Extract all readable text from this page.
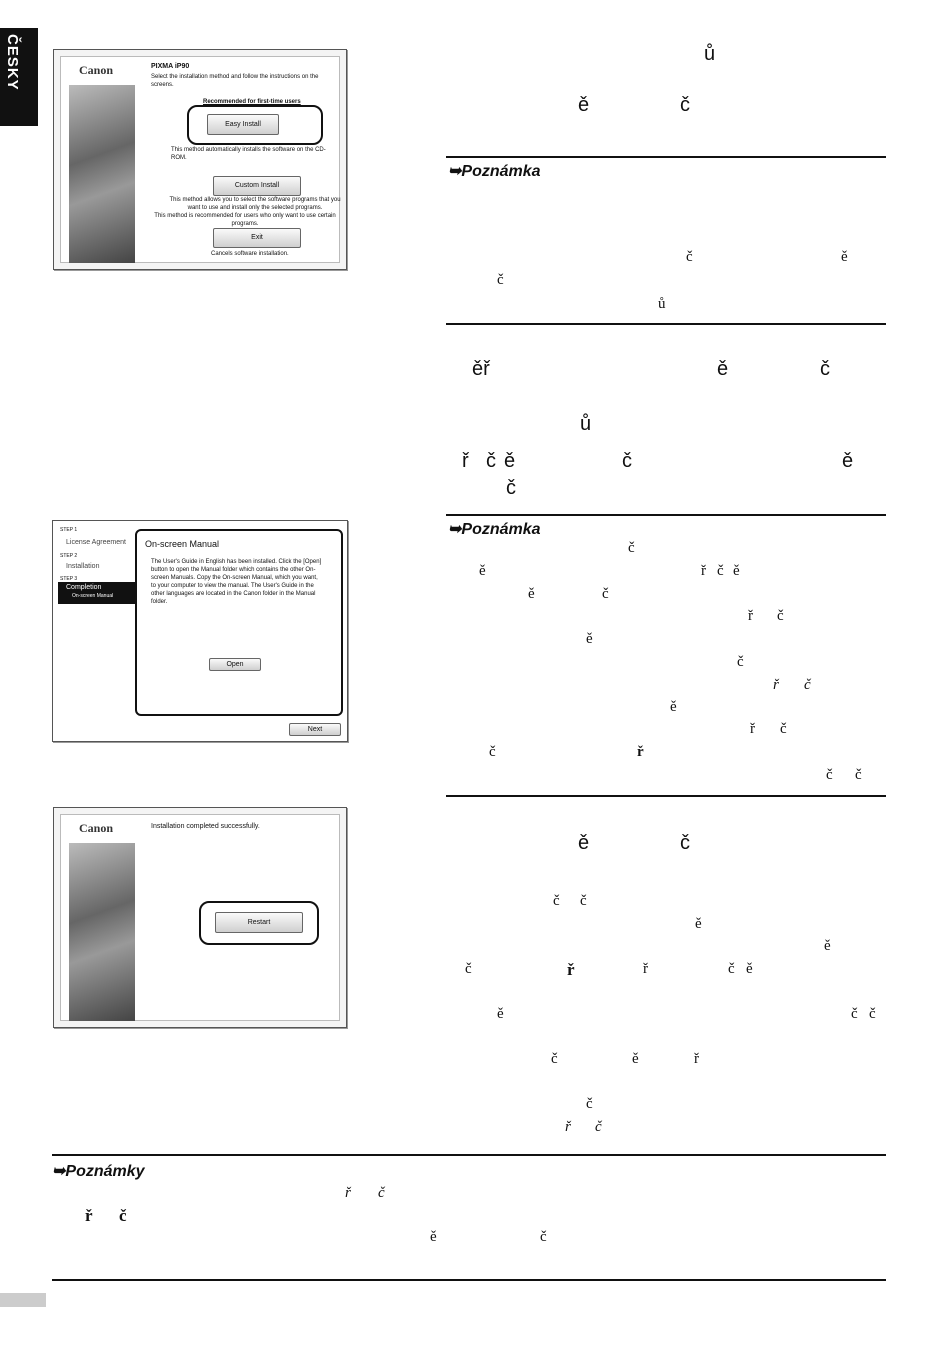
ČESKY	Canon	PIXMA iP90
Select the installation method and follow the instructions on the screens.
Recommended for first-time users
Easy Install
This method automatically installs the software on the CD-ROM.
Custom Install
This method allows you to select the software programs that you want to use and install only the selected programs.
This method is recommended for users who only want to use certain programs.
Exit
Cancels software installation.
STEP 1
License Agreement
STEP 2
Installation
STEP 3
Completion
On-screen Manual
On-screen Manual
The User's Guide in English has been installed. Click the [Open] button to open the Manual folder which contains the other On-screen Manuals. Copy the On-screen Manual, which you want, to your computer to view the manual. The User's Guide in the other languages are located in the Canon folder in the Manual folder.
Open
Next
Canon	Installation completed successfully.
Restart
ů
ě	č
➥Poznámka
č	ě
č
ů
ěř	ě	č
ů
ř č ě	č	ě
č
➥Poznámka
č
ě	ř č ě
ě	č
ř č
ě
č
ř č
ě
ř č
č	ř
č č
ě	č
č č
ě
ě
č	ř	ř	č ě
ě	č č
č	ě	ř
č
ř č
➥Poznámky
ř č
ř č
ě	č
